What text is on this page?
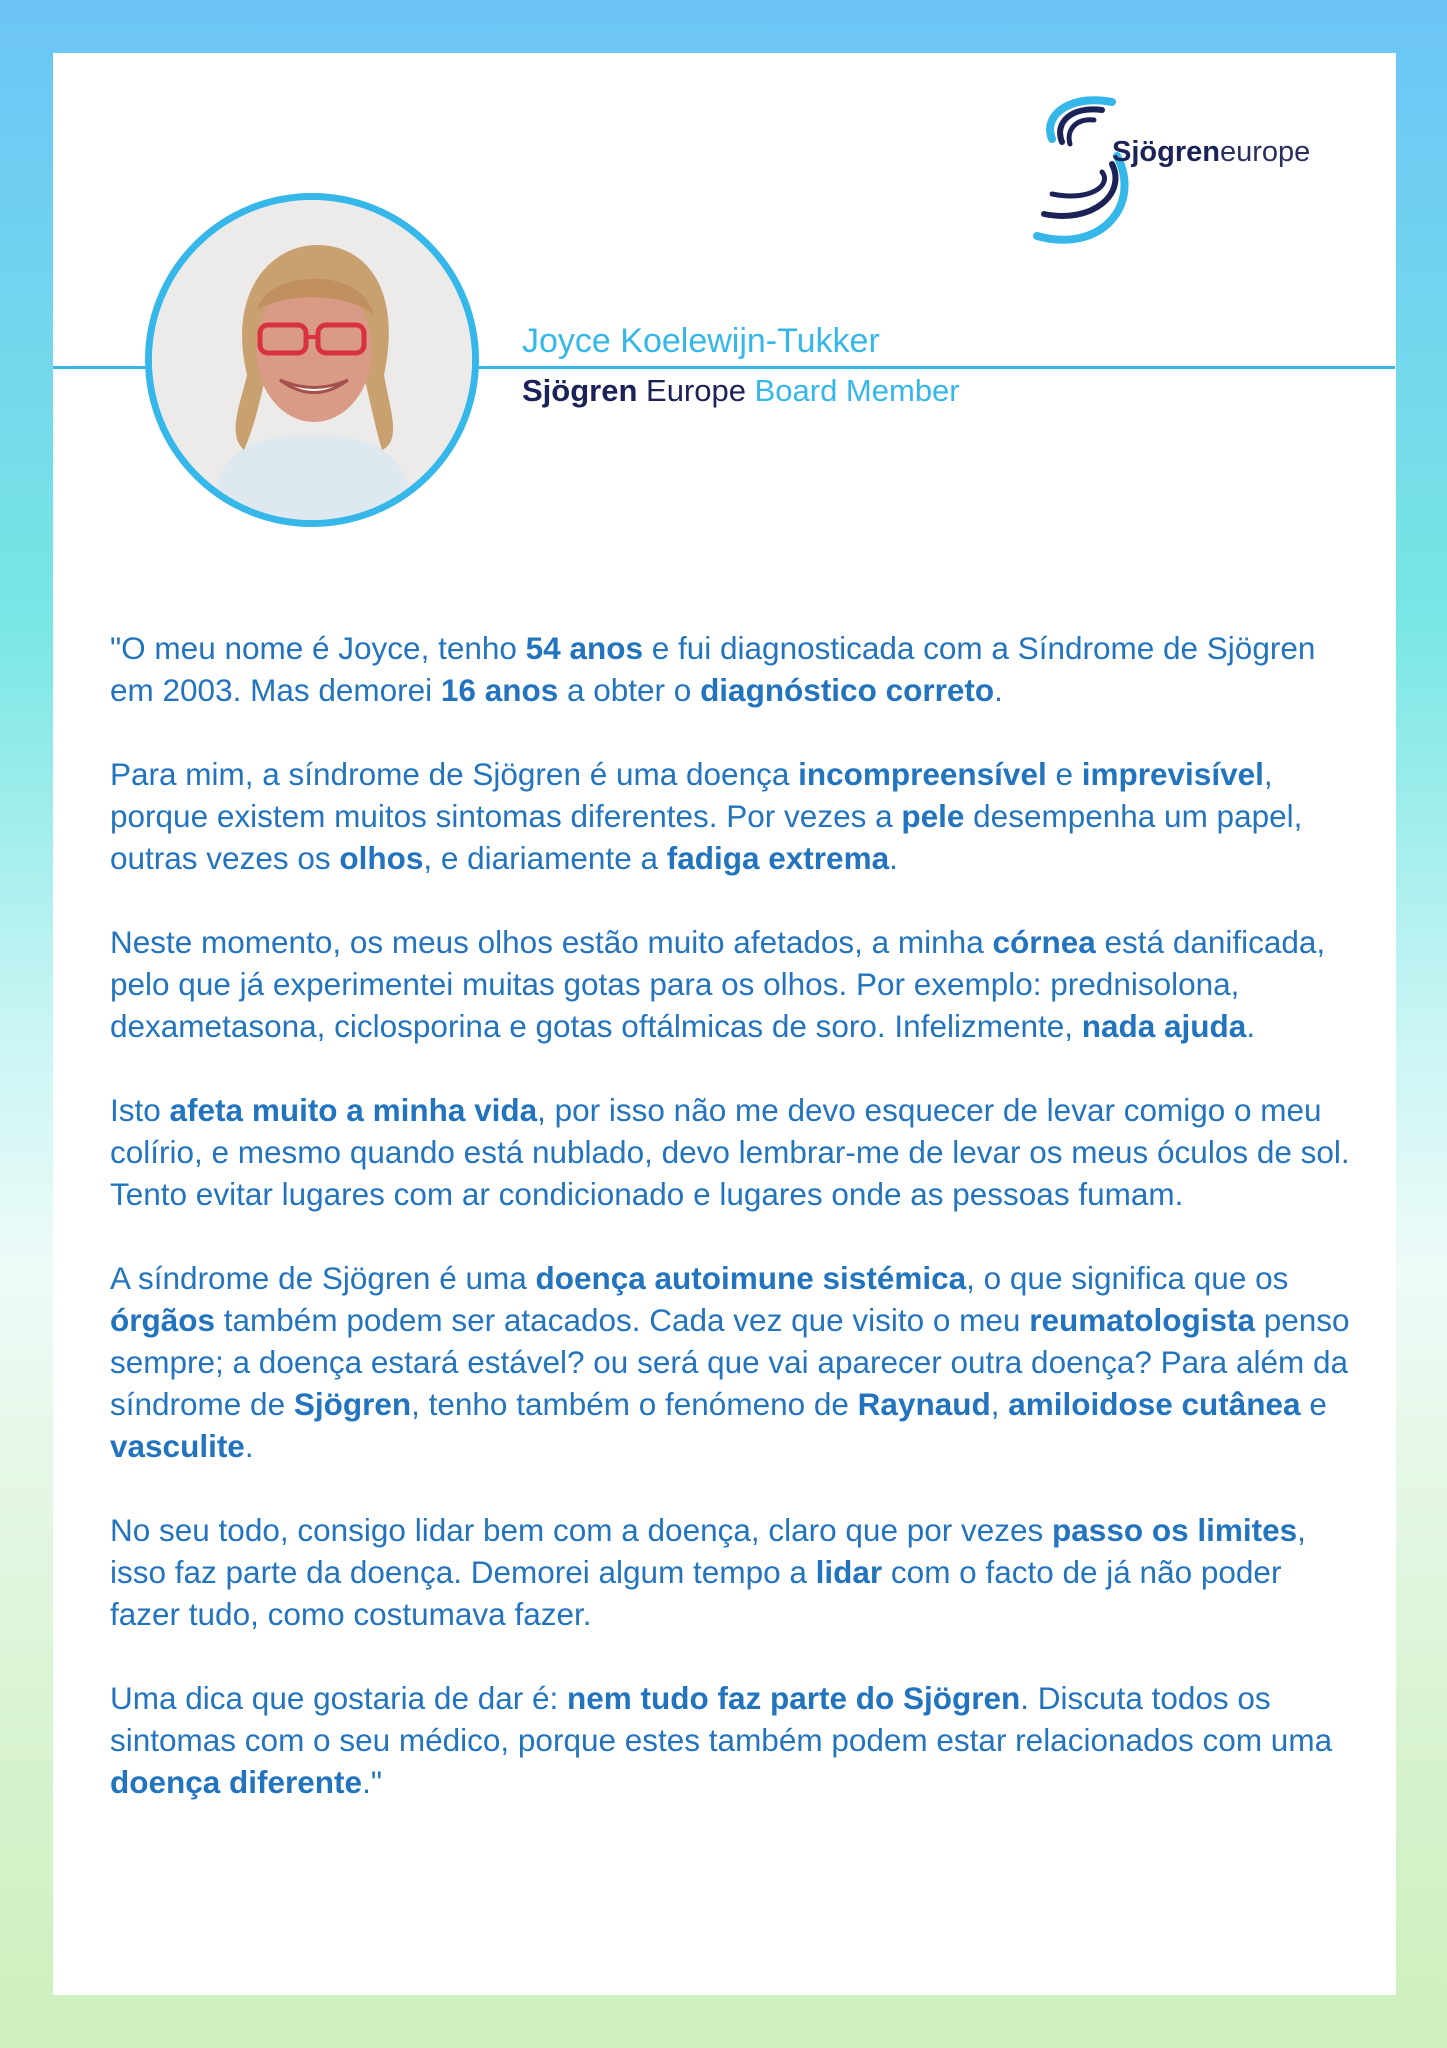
Sjögreneurope
Joyce Koelewijn-Tukker
Sjögren Europe Board Member

"O meu nome é Joyce, tenho 54 anos e fui diagnosticada com a Síndrome de Sjögren em 2003. Mas demorei 16 anos a obter o diagnóstico correto.

Para mim, a síndrome de Sjögren é uma doença incompreensível e imprevisível, porque existem muitos sintomas diferentes. Por vezes a pele desempenha um papel, outras vezes os olhos, e diariamente a fadiga extrema.

Neste momento, os meus olhos estão muito afetados, a minha córnea está danificada, pelo que já experimentei muitas gotas para os olhos. Por exemplo: prednisolona, dexametasona, ciclosporina e gotas oftálmicas de soro. Infelizmente, nada ajuda.

Isto afeta muito a minha vida, por isso não me devo esquecer de levar comigo o meu colírio, e mesmo quando está nublado, devo lembrar-me de levar os meus óculos de sol. Tento evitar lugares com ar condicionado e lugares onde as pessoas fumam.

A síndrome de Sjögren é uma doença autoimune sistémica, o que significa que os órgãos também podem ser atacados. Cada vez que visito o meu reumatologista penso sempre; a doença estará estável? ou será que vai aparecer outra doença? Para além da síndrome de Sjögren, tenho também o fenómeno de Raynaud, amiloidose cutânea e vasculite.

No seu todo, consigo lidar bem com a doença, claro que por vezes passo os limites, isso faz parte da doença. Demorei algum tempo a lidar com o facto de já não poder fazer tudo, como costumava fazer.

Uma dica que gostaria de dar é: nem tudo faz parte do Sjögren. Discuta todos os sintomas com o seu médico, porque estes também podem estar relacionados com uma doença diferente."
